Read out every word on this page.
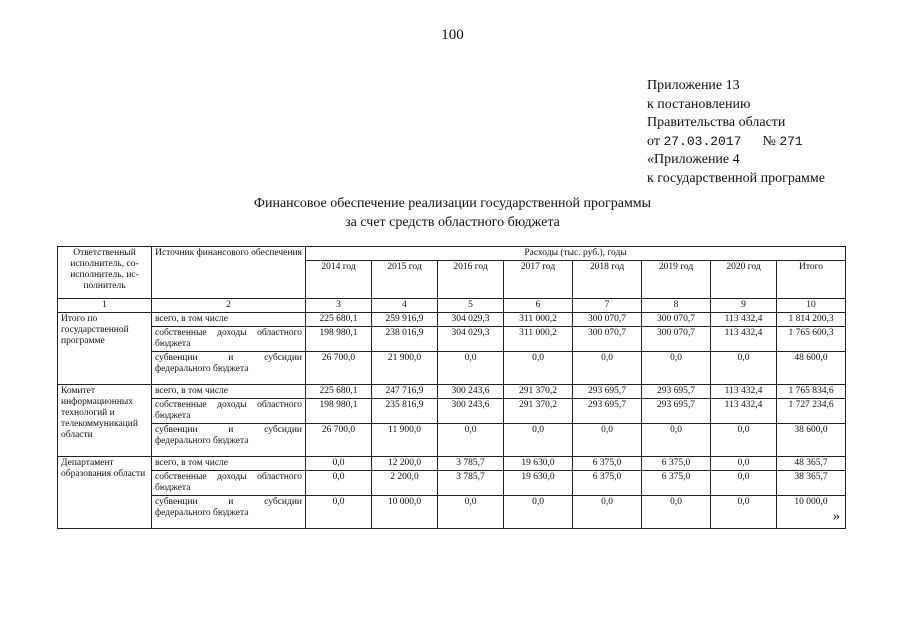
100
Приложение 13
к постановлению
Правительства области
от 27.03.2017 № 271
«Приложение 4
к государственной программе
Финансовое обеспечение реализации государственной программы
за счет средств областного бюджета
Ответственный исполнитель, со-исполнитель, ис-полнитель	Источник финансового обеспечения	Расходы (тыс. руб.), годы							
		2014 год	2015 год	2016 год	2017 год	2018 год	2019 год	2020 год	Итого
1	2	3	4	5	6	7	8	9	10
Итого по государственной программе	всего, в том числе	225 680,1	259 916,9	304 029,3	311 000,2	300 070,7	300 070,7	113 432,4	1 814 200,3
	собственные доходы областного бюджета	198 980,1	238 016,9	304 029,3	311 000,2	300 070,7	300 070,7	113 432,4	1 765 600,3
	субвенции и субсидии федерального бюджета	26 700,0	21 900,0	0,0	0,0	0,0	0,0	0,0	48 600,0
Комитет информационных технологий и телекоммуникаций области	всего, в том числе	225 680,1	247 716,9	300 243,6	291 370,2	293 695,7	293 695,7	113 432,4	1 765 834,6
	собственные доходы областного бюджета	198 980,1	235 816,9	300 243,6	291 370,2	293 695,7	293 695,7	113 432,4	1 727 234,6
	субвенции и субсидии федерального бюджета	26 700,0	11 900,0	0,0	0,0	0,0	0,0	0,0	38 600,0
Департамент образования области	всего, в том числе	0,0	12 200,0	3 785,7	19 630,0	6 375,0	6 375,0	0,0	48 365,7
	собственные доходы областного бюджета	0,0	2 200,0	3 785,7	19 630,0	6 375,0	6 375,0	0,0	38 365,7
	субвенции и субсидии федерального бюджета	0,0	10 000,0	0,0	0,0	0,0	0,0	0,0	10 000,0
»
